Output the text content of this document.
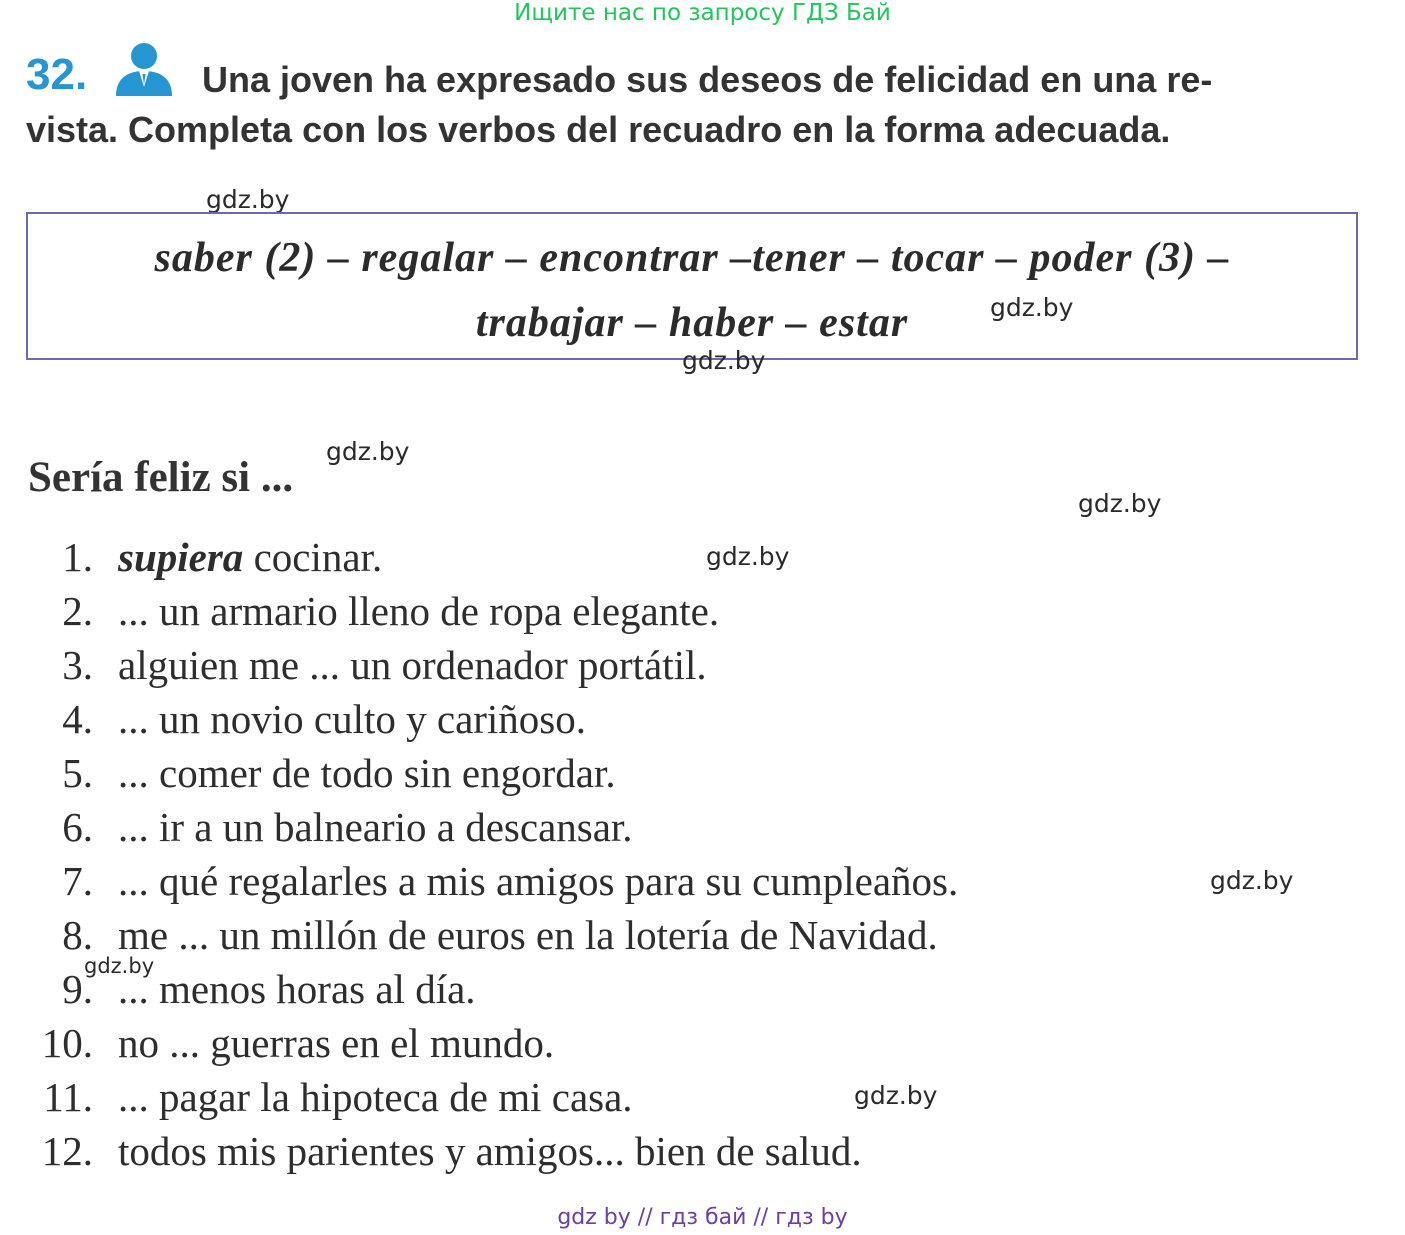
Ищите нас по запросу ГДЗ Бай
32.	Una joven ha expresado sus deseos de felicidad en una re-
vista. Completa con los verbos del recuadro en la forma adecuada.
gdz.by
saber (2) – regalar – encontrar –tener – tocar – poder (3) –
trabajar – haber – estar	gdz.by
gdz.by
gdz.by
gdz.by
gdz.by
gdz.by
gdz.by
gdz.by
Sería feliz si ...
1. supiera cocinar.
2. ... un armario lleno de ropa elegante.
3. alguien me ... un ordenador portátil.
4. ... un novio culto y cariñoso.
5. ... comer de todo sin engordar.
6. ... ir a un balneario a descansar.
7. ... qué regalarles a mis amigos para su cumpleaños.
8. me ... un millón de euros en la lotería de Navidad.
9. ... menos horas al día.
10. no ... guerras en el mundo.
11. ... pagar la hipoteca de mi casa.
12. todos mis parientes y amigos... bien de salud.
gdz by // гдз бай // гдз by
